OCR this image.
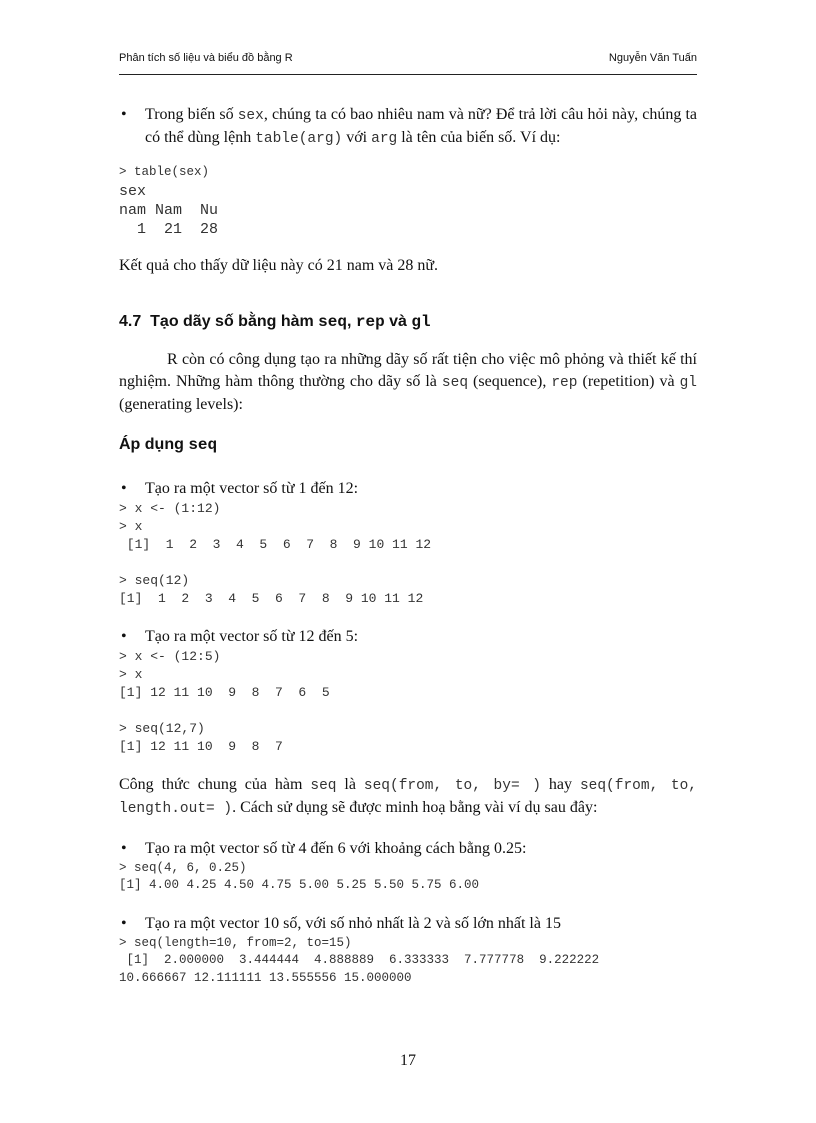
Phân tích số liệu và biểu đồ bằng R	Nguyễn Văn Tuấn
• Trong biến số sex, chúng ta có bao nhiêu nam và nữ? Để trả lời câu hỏi này, chúng ta có thể dùng lệnh table(arg) với arg là tên của biến số. Ví dụ:
> table(sex)
sex
nam Nam  Nu
1  21  28
Kết quả cho thấy dữ liệu này có 21 nam và 28 nữ.
4.7 Tạo dãy số bằng hàm seq, rep và gl
R còn có công dụng tạo ra những dãy số rất tiện cho việc mô phỏng và thiết kế thí nghiệm. Những hàm thông thường cho dãy số là seq (sequence), rep (repetition) và gl (generating levels):
Áp dụng seq
• Tạo ra một vector số từ 1 đến 12:
> x <- (1:12)
> x
[1]  1  2  3  4  5  6  7  8  9 10 11 12

> seq(12)
[1]  1  2  3  4  5  6  7  8  9 10 11 12
• Tạo ra một vector số từ 12 đến 5:
> x <- (12:5)
> x
[1] 12 11 10  9  8  7  6  5

> seq(12,7)
[1] 12 11 10  9  8  7
Công thức chung của hàm seq là seq(from, to, by= ) hay seq(from, to, length.out= ). Cách sử dụng sẽ được minh hoạ bằng vài ví dụ sau đây:
• Tạo ra một vector số từ 4 đến 6 với khoảng cách bằng 0.25:
> seq(4, 6, 0.25)
[1] 4.00 4.25 4.50 4.75 5.00 5.25 5.50 5.75 6.00
• Tạo ra một vector 10 số, với số nhỏ nhất là 2 và số lớn nhất là 15
> seq(length=10, from=2, to=15)
[1]  2.000000  3.444444  4.888889  6.333333  7.777778  9.222222
10.666667 12.111111 13.555556 15.000000
17
